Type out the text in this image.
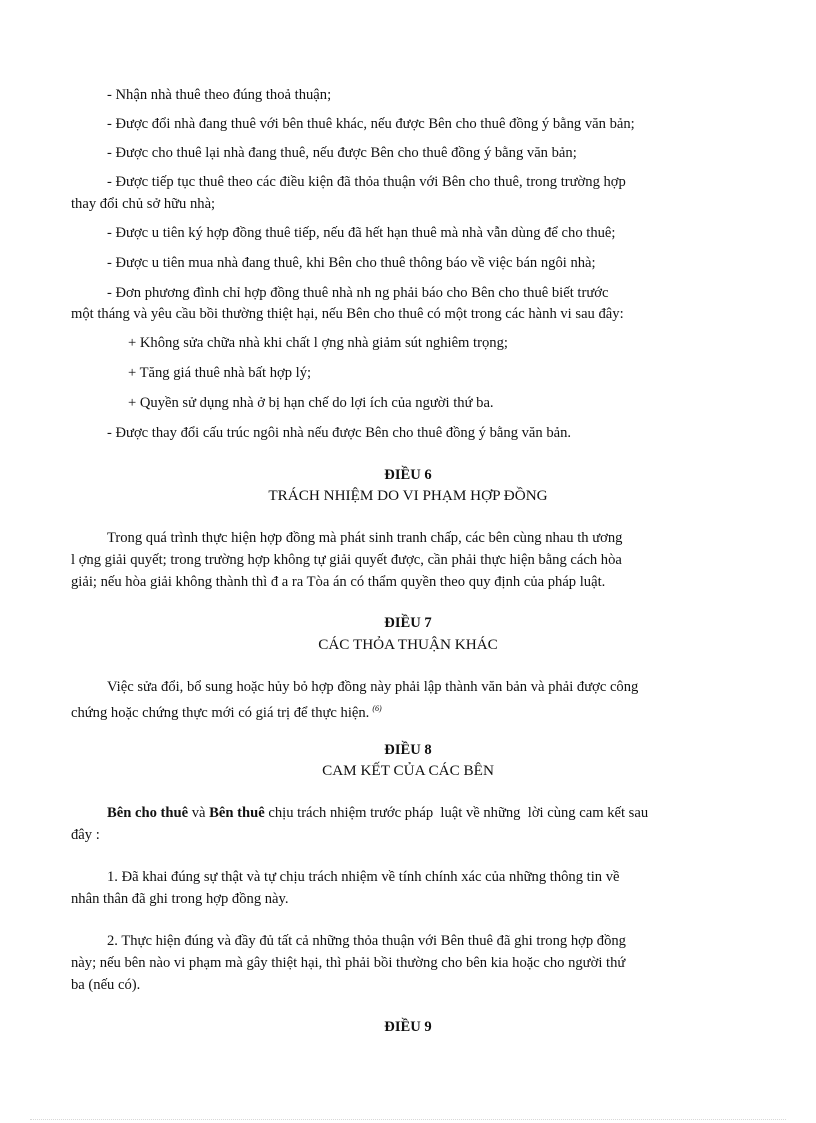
- Nhận nhà thuê theo đúng thoả thuận;
- Được đổi nhà đang thuê với bên thuê khác, nếu được Bên cho thuê đồng ý bằng văn bản;
- Được cho thuê lại nhà đang thuê, nếu được Bên cho thuê đồng ý bằng văn bản;
- Được tiếp tục thuê theo các điều kiện đã thỏa thuận với Bên cho thuê, trong trường hợp
thay đổi chủ sở hữu nhà;
- Được u tiên ký hợp đồng thuê tiếp, nếu đã hết hạn thuê mà nhà vẫn dùng để cho thuê;
- Được u tiên mua nhà đang thuê, khi Bên cho thuê thông báo về việc bán ngôi nhà;
- Đơn phương đình chỉ hợp đồng thuê nhà nh ng phải báo cho Bên cho thuê biết trước
một tháng và yêu cầu bồi thường thiệt hại, nếu Bên cho thuê có một trong các hành vi sau đây:
+ Không sửa chữa nhà khi chất l ợng nhà giảm sút nghiêm trọng;
+ Tăng giá thuê nhà bất hợp lý;
+ Quyền sử dụng nhà ở bị hạn chế do lợi ích của người thứ ba.
- Được thay đổi cấu trúc ngôi nhà nếu được Bên cho thuê đồng ý bằng văn bản.
ĐIỀU 6
TRÁCH NHIỆM DO VI PHẠM HỢP ĐỒNG
Trong quá trình thực hiện hợp đồng mà phát sinh tranh chấp, các bên cùng nhau th ương
l ợng giải quyết; trong trường hợp không tự giải quyết được, cần phải thực hiện bằng cách hòa
giải; nếu hòa giải không thành thì đ a ra Tòa án có thẩm quyền theo quy định của pháp luật.
ĐIỀU 7
CÁC THỎA THUẬN KHÁC
Việc sửa đổi, bổ sung hoặc hủy bỏ hợp đồng này phải lập thành văn bản và phải được công
chứng hoặc chứng thực mới có giá trị để thực hiện. $^{(6)}$
ĐIỀU 8
CAM KẾT CỦA CÁC BÊN
Bên cho thuê và Bên thuê chịu trách nhiệm trước pháp  luật về những  lời cùng cam kết sau
đây :
1. Đã khai đúng sự thật và tự chịu trách nhiệm về tính chính xác của những thông tin về
nhân thân đã ghi trong hợp đồng này.
2. Thực hiện đúng và đầy đủ tất cả những thỏa thuận với Bên thuê đã ghi trong hợp đồng
này; nếu bên nào vi phạm mà gây thiệt hại, thì phải bồi thường cho bên kia hoặc cho người thứ
ba (nếu có).
ĐIỀU 9
